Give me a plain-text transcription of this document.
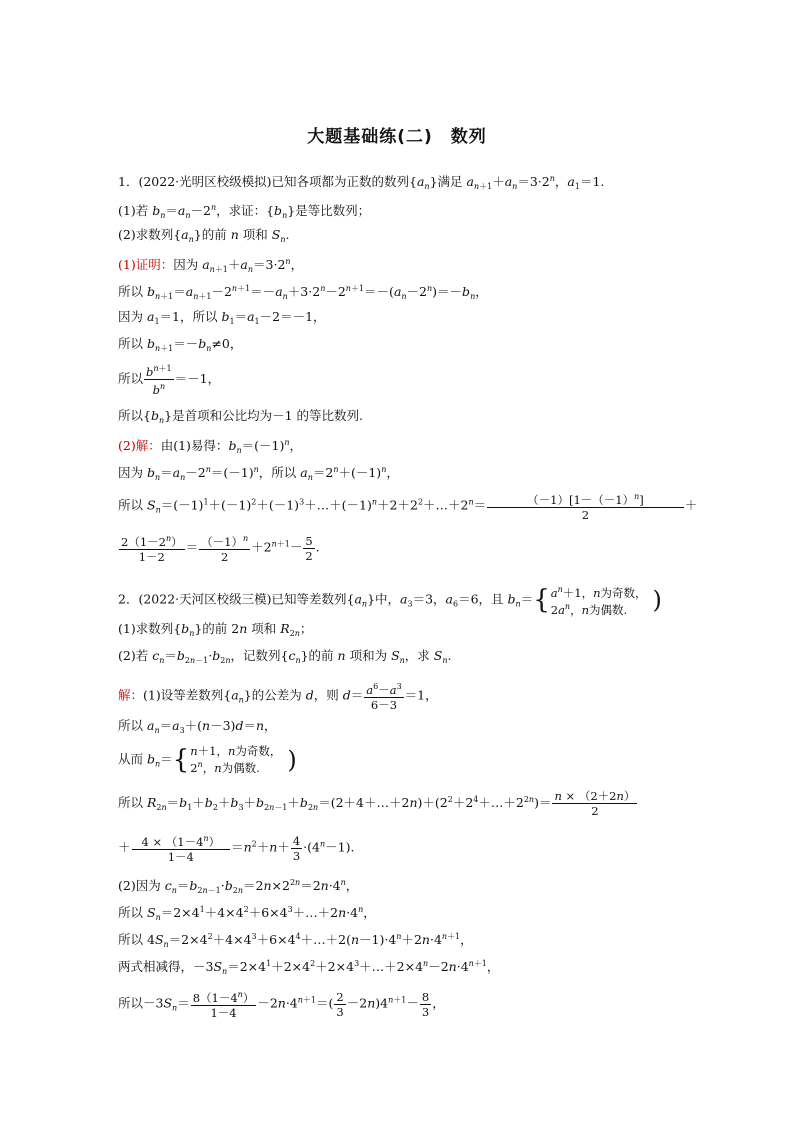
大题基础练(二)　数列
1．(2022·光明区校级模拟)已知各项都为正数的数列$\{a_n\}$满足 $a_{n+1}+a_n=3\cdot 2^n$，$a_1=1$.
(1)若 $b_n=a_n-2^n$，求证：$\{b_n\}$是等比数列；
(2)求数列$\{a_n\}$的前 n 项和 $S_n$.
(1)证明：因为 $a_{n+1}+a_n=3\cdot 2^n$，
所以 $b_{n+1}=a_{n+1}-2^{n+1}=-a_n+3\cdot 2^n-2^{n+1}=-(a_n-2^n)=-b_n$，
因为 $a_1=1$，所以 $b_1=a_1-2=-1$，
所以 $b_{n+1}=-b_n\ne 0$，
所以 $\frac{b^{n+1}}{b^n} =-1$，
所以$\{b_n\}$是首项和公比均为－1 的等比数列.
(2)解：由(1)易得：$b_n=(-1)^n$，
因为 $b_n=a_n-2^n=(-1)^n$，所以 $a_n=2^n+(-1)^n$，
所以 $S_n=(-1)^1+(-1)^2+(-1)^3+\dots+(-1)^n+2+2^2+\dots+2^n= \frac{(-1)[1-(-1)^n]}{2}$ ＋
$\frac{2(1-2^n)}{1-2} = \frac{(-1)^n}{2} +2^{n+1}- \frac{5}{2}$ .
2．(2022·天河区校级三模)已知等差数列$\{a_n\}$中，$a_3=3$，$a_6=6$，且 $b_n=$ { $a^n+1$，n为奇数，
$2a^n$，n为偶数.	)
(1)求数列$\{b_n\}$的前 2n 项和 $R_{2n}$；
(2)若 $c_n=b_{2n-1}\cdot b_{2n}$，记数列$\{c_n\}$的前 n 项和为 $S_n$，求 $S_n$.
解：(1)设等差数列$\{a_n\}$的公差为 d，则 $d= \frac{a^6-a^3}{6-3} =1$，
所以 $a_n=a_3+(n-3)d=n$，
从而 $b_n=$ { n＋1，n为奇数，
2$^n$，n为偶数.	)
所以 $R_{2n}=b_1+b_2+b_3+b_{2n-1}+b_{2n}=(2+4+\dots+2n)+(2^2+2^4+\dots+2^{2n})= \frac{n \times (2+2n)}{2}$
＋ $\frac{4 \times (1-4^n)}{1-4} =n^2+n+ \frac{4}{3} \cdot(4^n-1)$.
(2)因为 $c_n=b_{2n-1}\cdot b_{2n}=2n\times 2^{2n}=2n\cdot 4^n$，
所以 $S_n=2\times 4^1+4\times 4^2+6\times 4^3+\dots+2n\cdot 4^n$，
所以 $4S_n=2\times 4^2+4\times 4^3+6\times 4^4+\dots+2(n-1)\cdot 4^n+2n\cdot 4^{n+1}$，
两式相减得，$-3S_n=2\times 4^1+2\times 4^2+2\times 4^3+\dots+2\times 4^n-2n\cdot 4^{n+1}$，
所以$-3S_n= \frac{8(1-4^n)}{1-4} -2n\cdot 4^{n+1}=( \frac{2}{3} -2n)4^{n+1}- \frac{8}{3}$ ，
